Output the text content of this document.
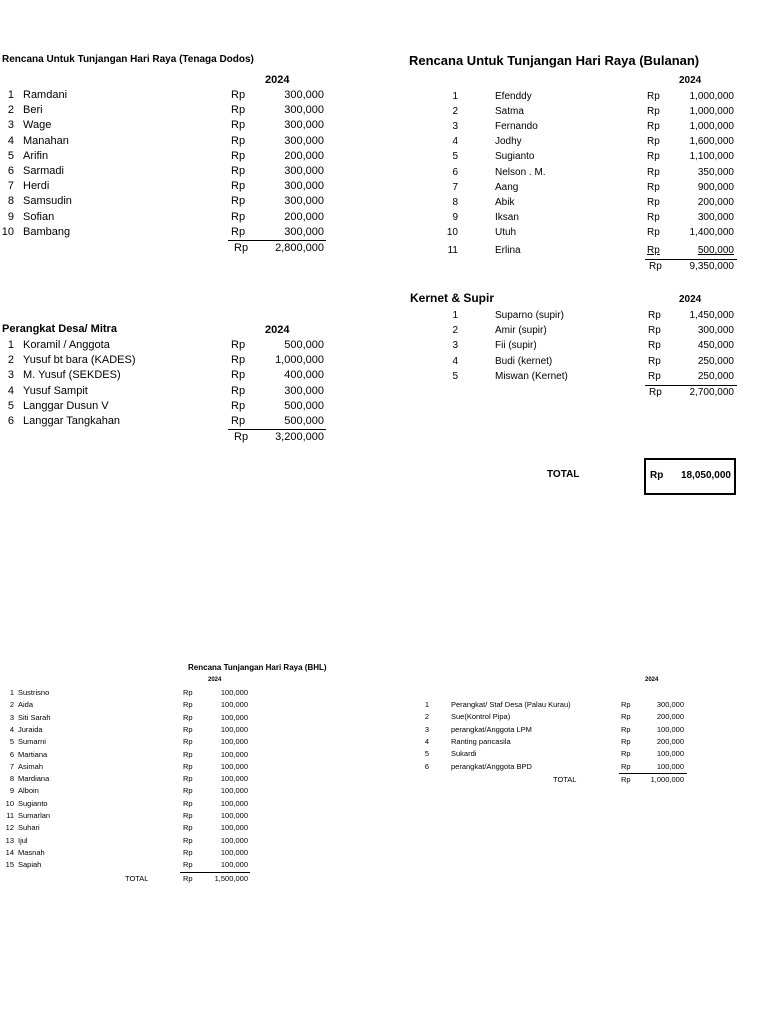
Rencana Untuk Tunjangan Hari Raya (Tenaga Dodos)
2024
1 Ramdani	Rp	300,000
2 Beri	Rp	300,000
3 Wage	Rp	300,000
4 Manahan	Rp	300,000
5 Arifin	Rp	200,000
6 Sarmadi	Rp	300,000
7 Herdi	Rp	300,000
8 Samsudin	Rp	300,000
9 Sofian	Rp	200,000
10 Bambang	Rp	300,000
Rp 2,800,000
Rencana Untuk Tunjangan Hari Raya (Bulanan)
2024
1	Efenddy	Rp	1,000,000
2	Satma	Rp	1,000,000
3	Fernando	Rp	1,000,000
4	Jodhy	Rp	1,600,000
5	Sugianto	Rp	1,100,000
6	Nelson . M.	Rp	350,000
7	Aang	Rp	900,000
8	Abik	Rp	200,000
9	Iksan	Rp	300,000
10	Utuh	Rp	1,400,000
11	Erlina	Rp	500,000
Rp	9,350,000
Kernet & Supir	2024
1	Suparno (supir)	Rp	1,450,000
2	Amir (supir)	Rp	300,000
3	Fii (supir)	Rp	450,000
4	Budi (kernet)	Rp	250,000
5	Miswan (Kernet)	Rp	250,000
Rp	2,700,000
Perangkat Desa/ Mitra	2024
1 Koramil / Anggota	Rp	500,000
2 Yusuf bt bara (KADES)	Rp	1,000,000
3 M. Yusuf (SEKDES)	Rp	400,000
4 Yusuf Sampit	Rp	300,000
5 Langgar Dusun V	Rp	500,000
6 Langgar Tangkahan	Rp	500,000
Rp 3,200,000
TOTAL	Rp 18,050,000
Rencana Tunjangan Hari Raya (BHL)
2024
1 Sustrisno	Rp	100,000
2 Aida	Rp	100,000
3 Siti Sarah	Rp	100,000
4 Juraida	Rp	100,000
5 Sumarni	Rp	100,000
6 Martiana	Rp	100,000
7 Asimah	Rp	100,000
8 Mardiana	Rp	100,000
9 Alboin	Rp	100,000
10 Sugianto	Rp	100,000
11 Sumarlan	Rp	100,000
12 Suhari	Rp	100,000
13 Ijul	Rp	100,000
14 Masnah	Rp	100,000
15 Sapiah	Rp	100,000
TOTAL	Rp	1,500,000
2024
1	Perangkat/ Staf Desa (Palau Kurau)	Rp	300,000
2	Sue(Kontrol Pipa)	Rp	200,000
3	perangkat/Anggota LPM	Rp	100,000
4	Ranting pancasila	Rp	200,000
5	Sukardi	Rp	100,000
6	perangkat/Anggota BPD	Rp	100,000
TOTAL	Rp	1,000,000
